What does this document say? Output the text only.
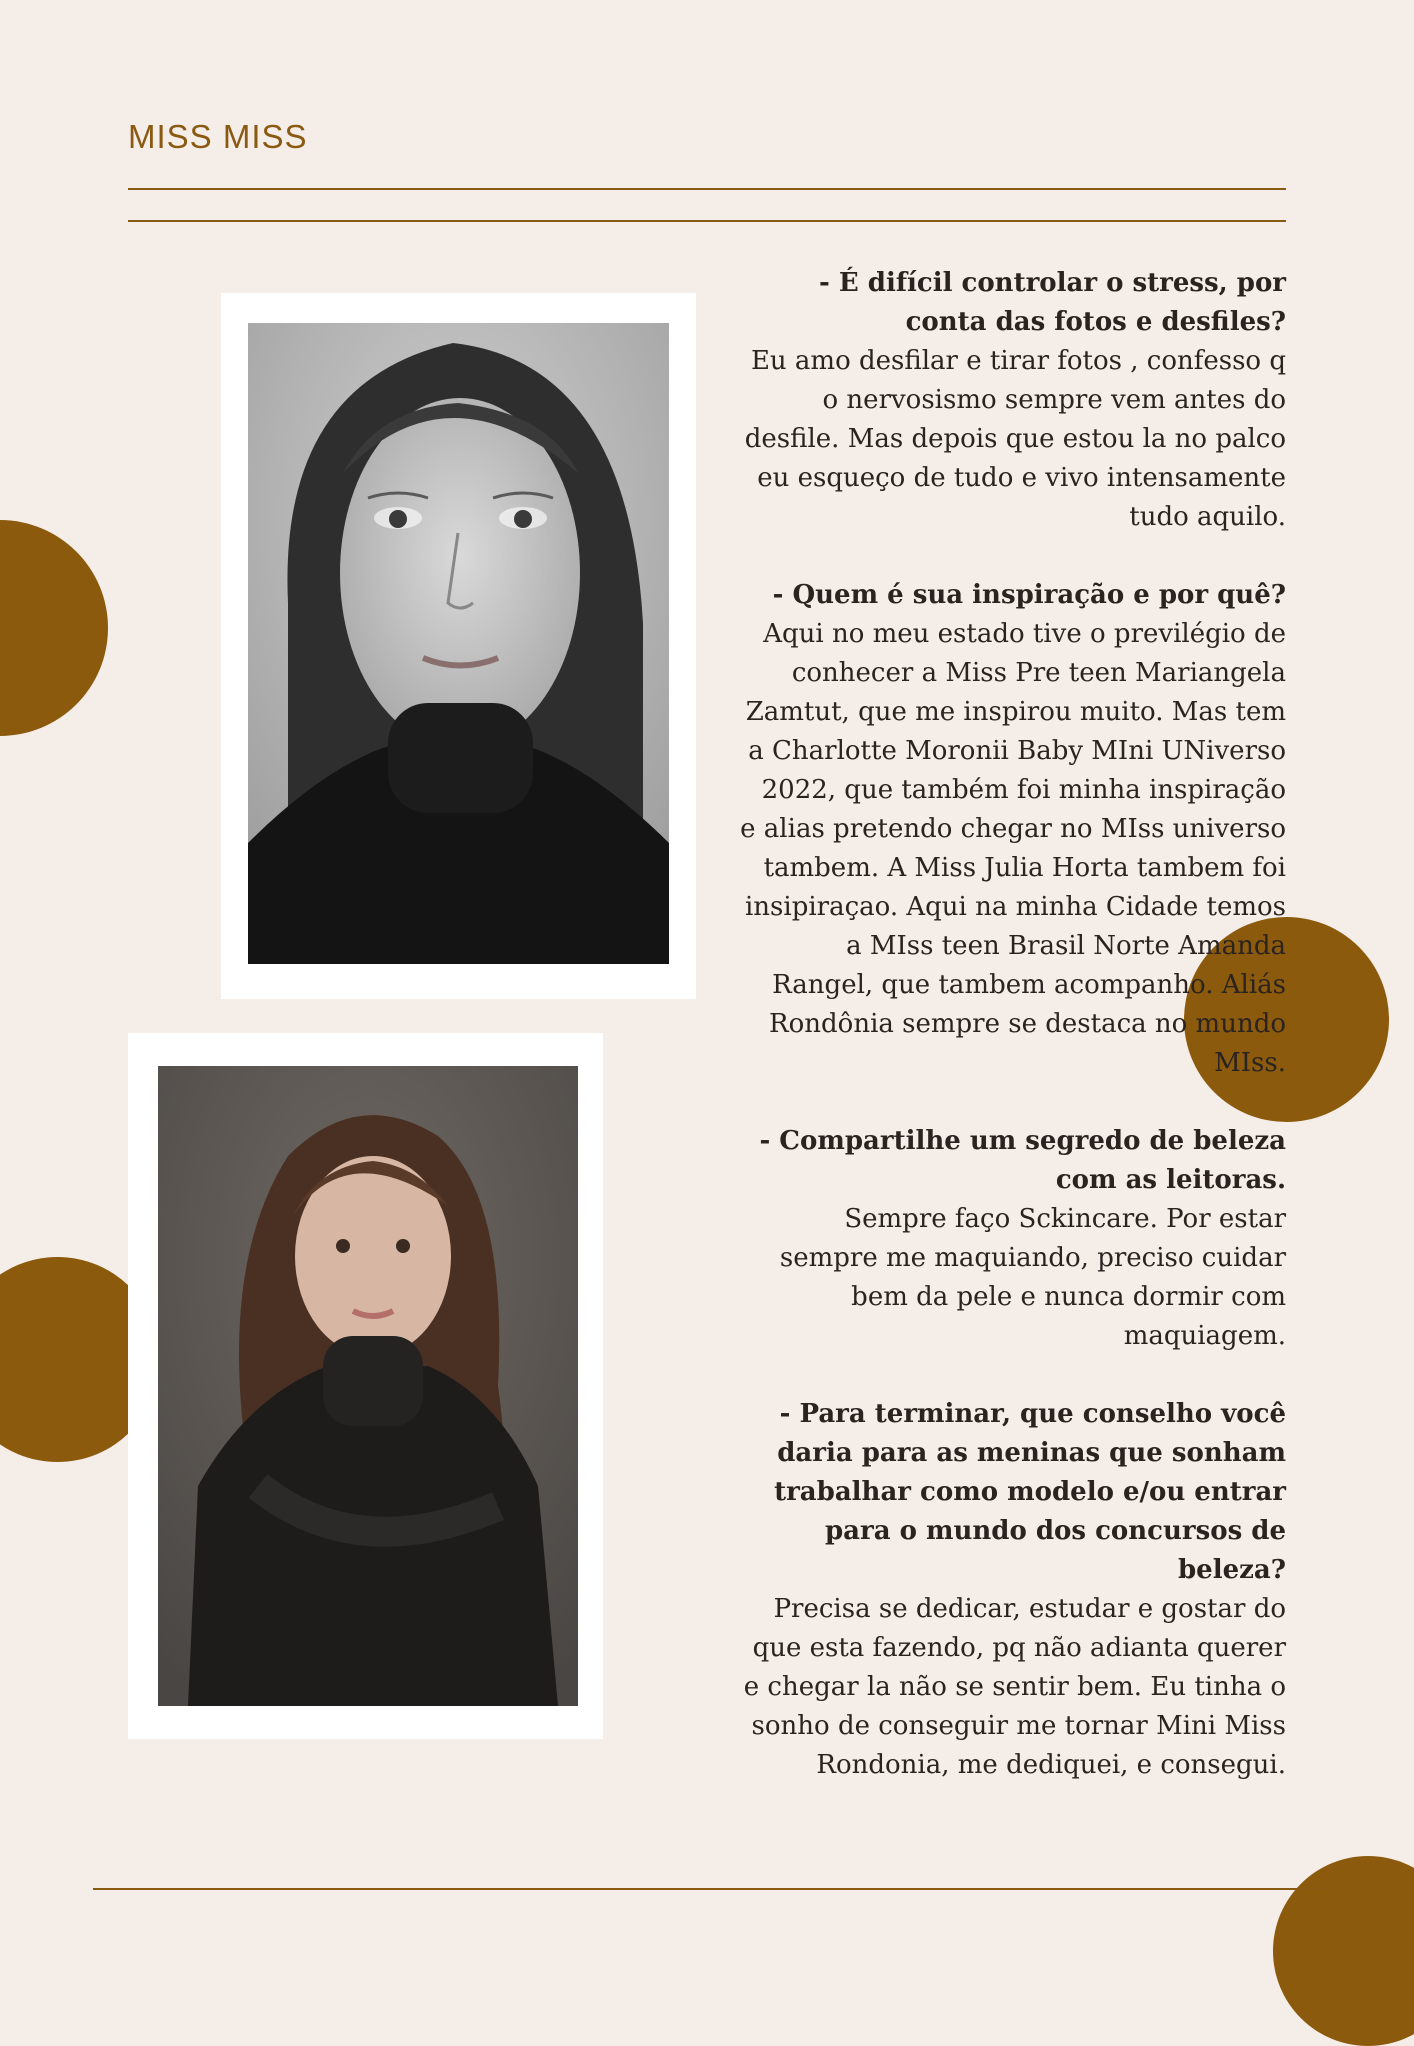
MISS MISS

- É difícil controlar o stress, por conta das fotos e desfiles?

Eu amo desfilar e tirar fotos , confesso q o nervosismo sempre vem antes do desfile. Mas depois que estou la no palco eu esqueço de tudo e vivo intensamente tudo aquilo.

- Quem é sua inspiração e por quê?

Aqui no meu estado tive o previlégio de conhecer a Miss Pre teen Mariangela Zamtut, que me inspirou muito. Mas tem a Charlotte Moronii Baby MIni UNiverso 2022, que também foi minha inspiração e alias pretendo chegar no MIss universo tambem. A Miss Julia Horta tambem foi insipiraçao. Aqui na minha Cidade temos a MIss teen Brasil Norte Amanda Rangel, que tambem acompanho. Aliás Rondônia sempre se destaca no mundo MIss.

- Compartilhe um segredo de beleza com as leitoras.

Sempre faço Sckincare. Por estar sempre me maquiando, preciso cuidar bem da pele e nunca dormir com maquiagem.

- Para terminar, que conselho você daria para as meninas que sonham trabalhar como modelo e/ou entrar para o mundo dos concursos de beleza?

Precisa se dedicar, estudar e gostar do que esta fazendo, pq não adianta querer e chegar la não se sentir bem. Eu tinha o sonho de conseguir me tornar Mini Miss Rondonia, me dediquei, e consegui.
